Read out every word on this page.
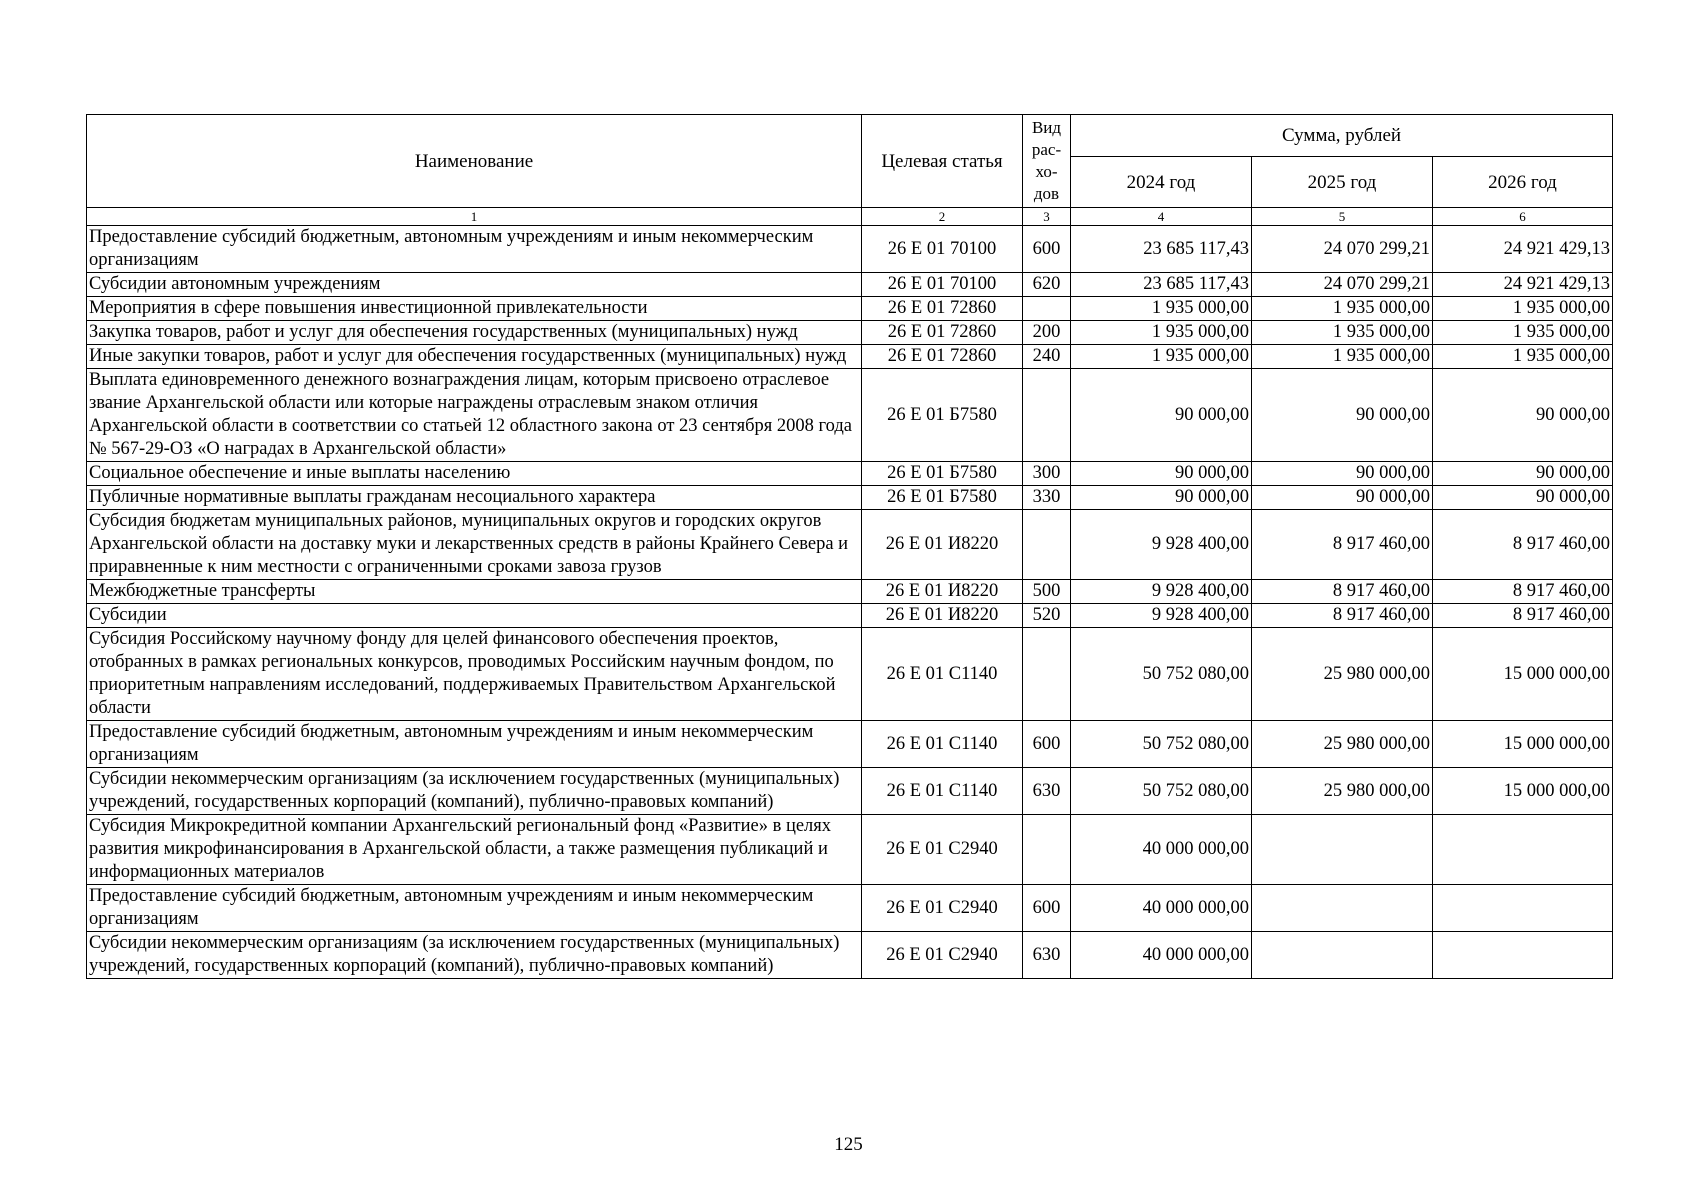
Наименование	Целевая статья	Вид
рас-
хо-
дов	Сумма, рублей		
			2024 год	2025 год	2026 год
1	2	3	4	5	6
Предоставление субсидий бюджетным, автономным учреждениям и иным некоммерческим организациям	26 Е 01 70100	600	23 685 117,43	24 070 299,21	24 921 429,13
Субсидии автономным учреждениям	26 Е 01 70100	620	23 685 117,43	24 070 299,21	24 921 429,13
Мероприятия в сфере повышения инвестиционной привлекательности	26 Е 01 72860		1 935 000,00	1 935 000,00	1 935 000,00
Закупка товаров, работ и услуг для обеспечения государственных (муниципальных) нужд	26 Е 01 72860	200	1 935 000,00	1 935 000,00	1 935 000,00
Иные закупки товаров, работ и услуг для обеспечения государственных (муниципальных) нужд	26 Е 01 72860	240	1 935 000,00	1 935 000,00	1 935 000,00
Выплата единовременного денежного вознаграждения лицам, которым присвоено отраслевое звание Архангельской области или которые награждены отраслевым знаком отличия Архангельской области в соответствии со статьей 12 областного закона от 23 сентября 2008 года № 567-29-ОЗ «О наградах в Архангельской области»	26 Е 01 Б7580		90 000,00	90 000,00	90 000,00
Социальное обеспечение и иные выплаты населению	26 Е 01 Б7580	300	90 000,00	90 000,00	90 000,00
Публичные нормативные выплаты гражданам несоциального характера	26 Е 01 Б7580	330	90 000,00	90 000,00	90 000,00
Субсидия бюджетам муниципальных районов, муниципальных округов и городских округов Архангельской области на доставку муки и лекарственных средств в районы Крайнего Севера и приравненные к ним местности с ограниченными сроками завоза грузов	26 Е 01 И8220		9 928 400,00	8 917 460,00	8 917 460,00
Межбюджетные трансферты	26 Е 01 И8220	500	9 928 400,00	8 917 460,00	8 917 460,00
Субсидии	26 Е 01 И8220	520	9 928 400,00	8 917 460,00	8 917 460,00
Субсидия Российскому научному фонду для целей финансового обеспечения проектов, отобранных в рамках региональных конкурсов, проводимых Российским научным фондом, по приоритетным направлениям исследований, поддерживаемых Правительством Архангельской области	26 Е 01 С1140		50 752 080,00	25 980 000,00	15 000 000,00
Предоставление субсидий бюджетным, автономным учреждениям и иным некоммерческим организациям	26 Е 01 С1140	600	50 752 080,00	25 980 000,00	15 000 000,00
Субсидии некоммерческим организациям (за исключением государственных (муниципальных) учреждений, государственных корпораций (компаний), публично-правовых компаний)	26 Е 01 С1140	630	50 752 080,00	25 980 000,00	15 000 000,00
Субсидия Микрокредитной компании Архангельский региональный фонд «Развитие» в целях развития микрофинансирования в Архангельской области, а также размещения публикаций и информационных материалов	26 Е 01 С2940		40 000 000,00		
Предоставление субсидий бюджетным, автономным учреждениям и иным некоммерческим организациям	26 Е 01 С2940	600	40 000 000,00		
Субсидии некоммерческим организациям (за исключением государственных (муниципальных) учреждений, государственных корпораций (компаний), публично-правовых компаний)	26 Е 01 С2940	630	40 000 000,00		
125
